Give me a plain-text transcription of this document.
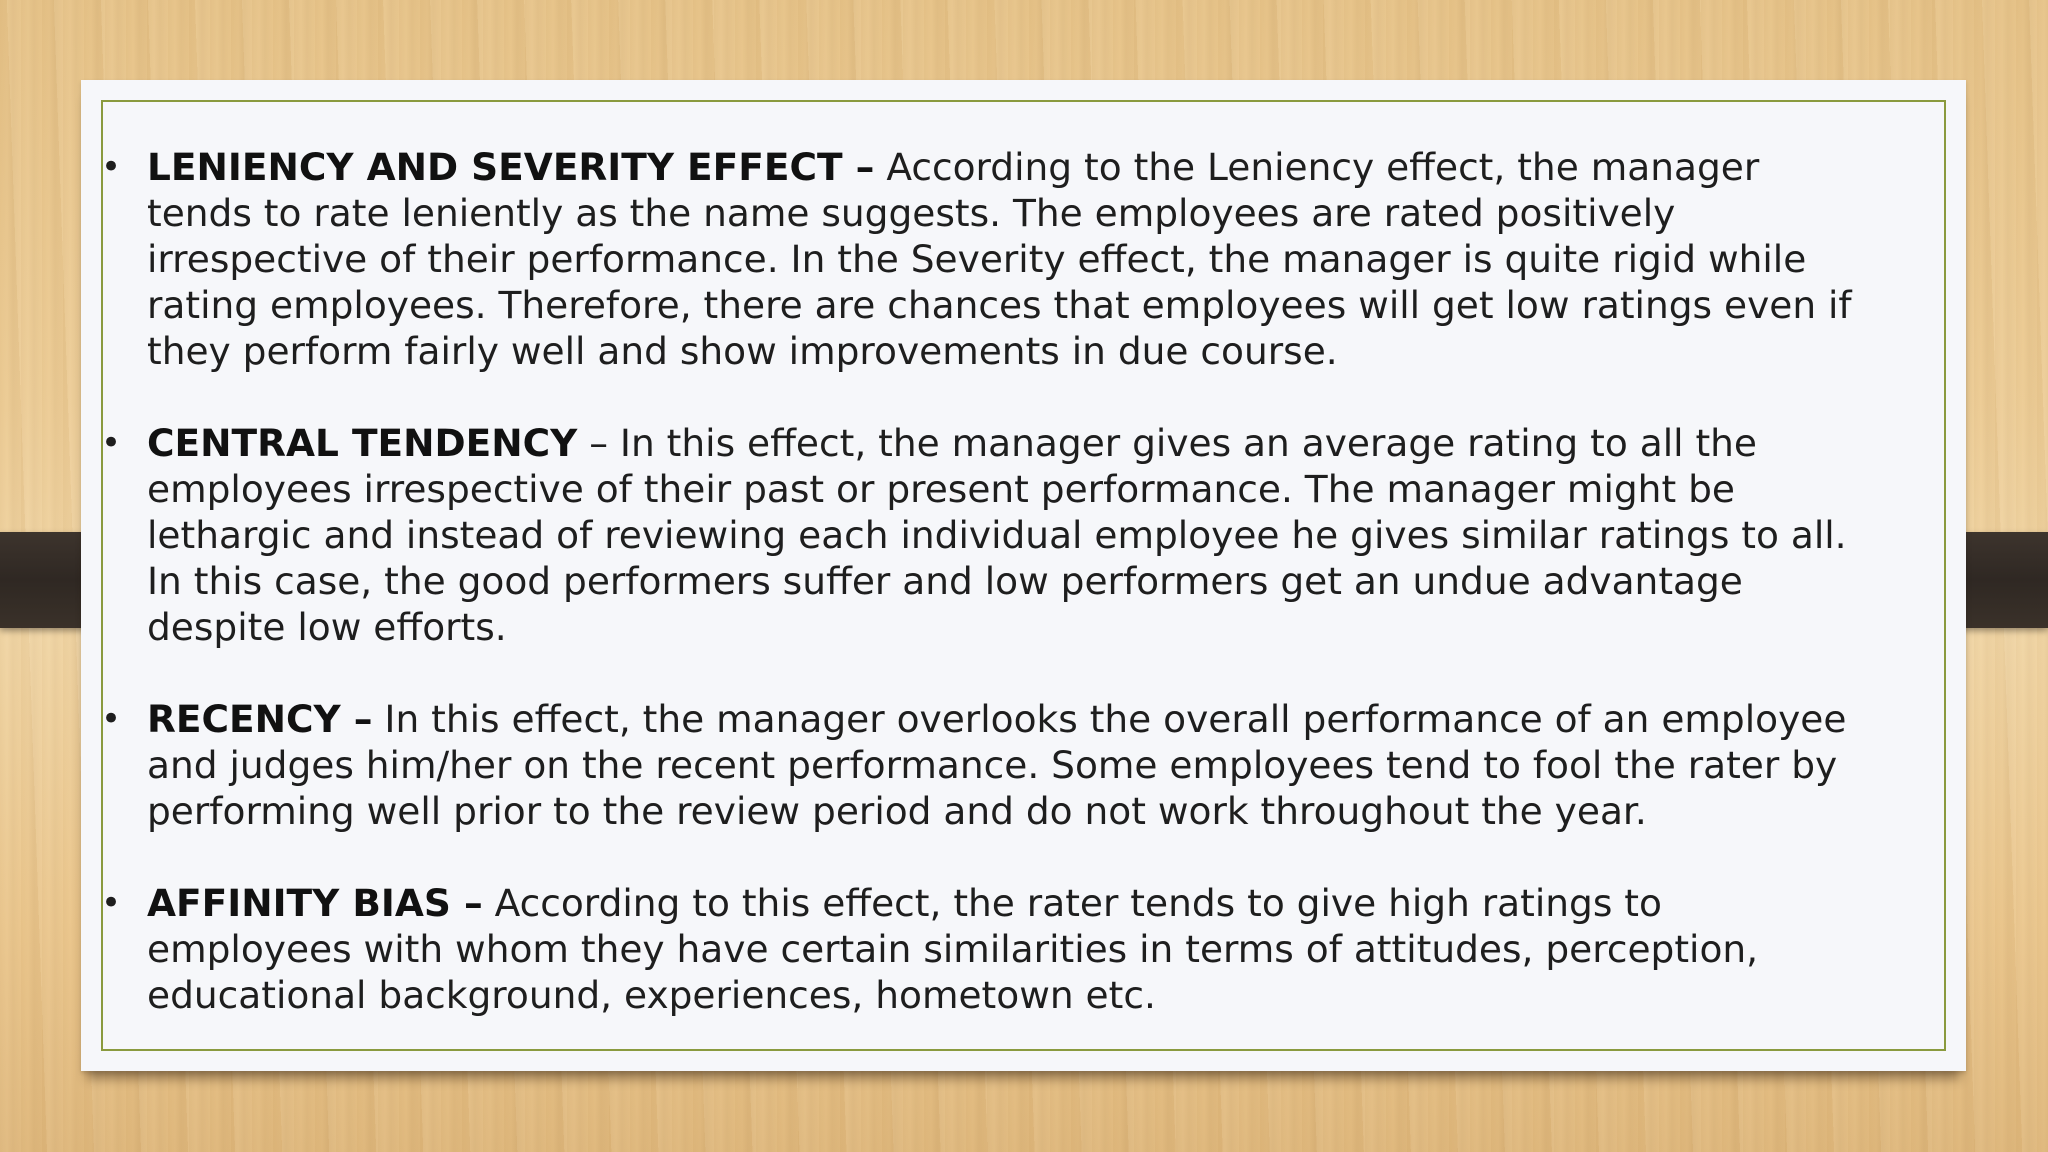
• LENIENCY AND SEVERITY EFFECT – According to the Leniency effect, the manager
tends to rate leniently as the name suggests. The employees are rated positively
irrespective of their performance. In the Severity effect, the manager is quite rigid while
rating employees. Therefore, there are chances that employees will get low ratings even if
they perform fairly well and show improvements in due course.
• CENTRAL TENDENCY – In this effect, the manager gives an average rating to all the
employees irrespective of their past or present performance. The manager might be
lethargic and instead of reviewing each individual employee he gives similar ratings to all.
In this case, the good performers suffer and low performers get an undue advantage
despite low efforts.
• RECENCY – In this effect, the manager overlooks the overall performance of an employee
and judges him/her on the recent performance. Some employees tend to fool the rater by
performing well prior to the review period and do not work throughout the year.
• AFFINITY BIAS – According to this effect, the rater tends to give high ratings to
employees with whom they have certain similarities in terms of attitudes, perception,
educational background, experiences, hometown etc.
